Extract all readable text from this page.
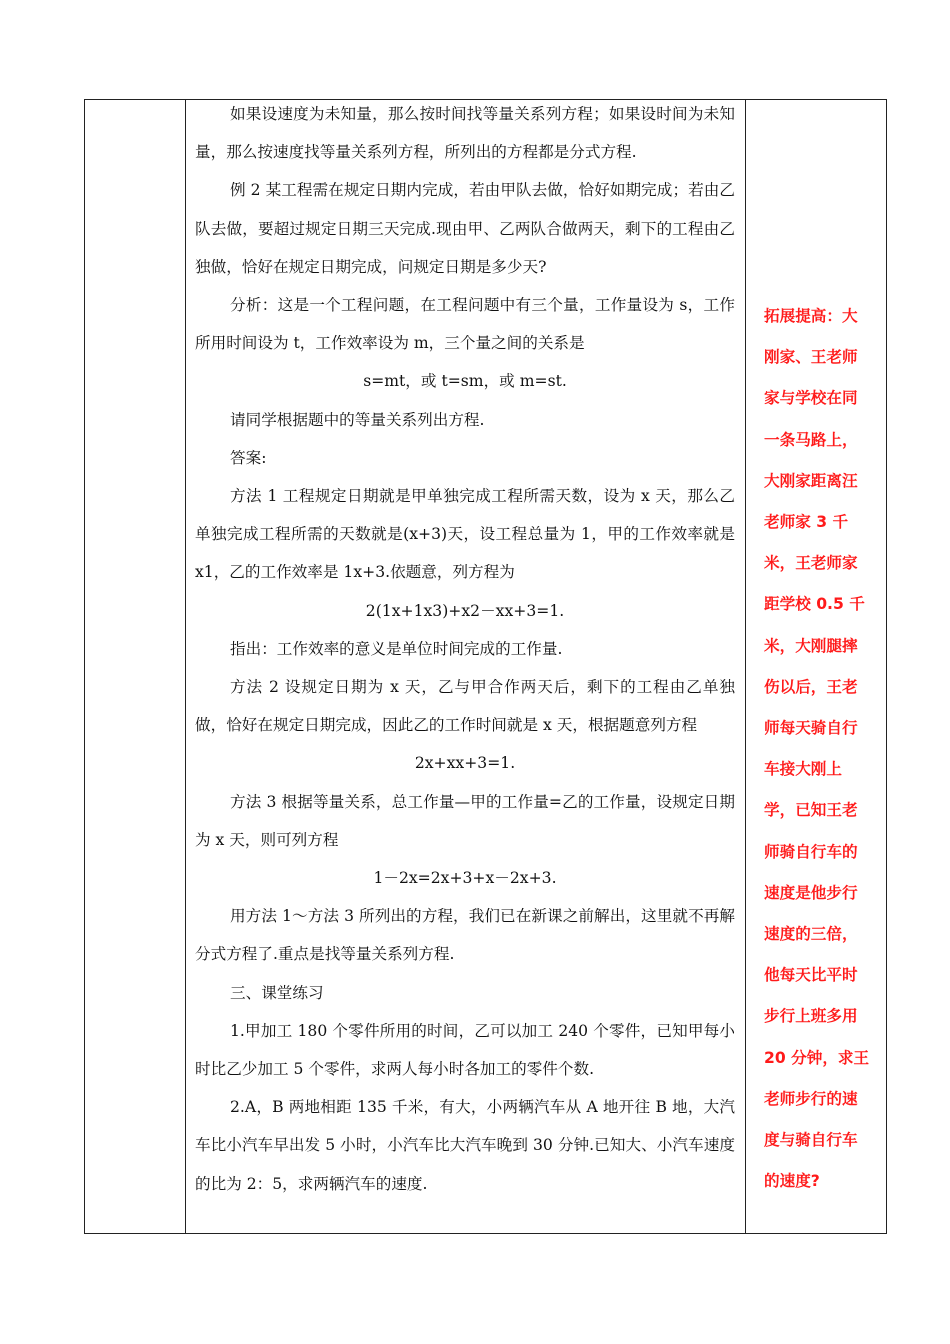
如果设速度为未知量，那么按时间找等量关系列方程；如果设时间为未知量，那么按速度找等量关系列方程，所列出的方程都是分式方程.

例 2 某工程需在规定日期内完成，若由甲队去做，恰好如期完成；若由乙队去做，要超过规定日期三天完成.现由甲、乙两队合做两天，剩下的工程由乙独做，恰好在规定日期完成，问规定日期是多少天?

分析：这是一个工程问题，在工程问题中有三个量，工作量设为 s，工作所用时间设为 t，工作效率设为 m，三个量之间的关系是

s=mt，或 t=sm，或 m=st.

请同学根据题中的等量关系列出方程.

答案:

方法 1 工程规定日期就是甲单独完成工程所需天数，设为 x 天，那么乙单独完成工程所需的天数就是(x+3)天，设工程总量为 1，甲的工作效率就是 x1，乙的工作效率是 1x+3.依题意，列方程为

2(1x+1x3)+x2－xx+3=1.

指出：工作效率的意义是单位时间完成的工作量.

方法 2 设规定日期为 x 天，乙与甲合作两天后，剩下的工程由乙单独做，恰好在规定日期完成，因此乙的工作时间就是 x 天，根据题意列方程

2x+xx+3=1.

方法 3 根据等量关系，总工作量—甲的工作量=乙的工作量，设规定日期为 x 天，则可列方程

1－2x=2x+3+x－2x+3.

用方法 1～方法 3 所列出的方程，我们已在新课之前解出，这里就不再解分式方程了.重点是找等量关系列方程.

三、课堂练习

1.甲加工 180 个零件所用的时间，乙可以加工 240 个零件，已知甲每小时比乙少加工 5 个零件，求两人每小时各加工的零件个数.

2.A，B 两地相距 135 千米，有大，小两辆汽车从 A 地开往 B 地，大汽车比小汽车早出发 5 小时，小汽车比大汽车晚到 30 分钟.已知大、小汽车速度的比为 2：5，求两辆汽车的速度.

拓展提高：大刚家、王老师家与学校在同一条马路上，大刚家距离汪老师家 3 千米，王老师家距学校 0.5 千米，大刚腿摔伤以后，王老师每天骑自行车接大刚上学，已知王老师骑自行车的速度是他步行速度的三倍，他每天比平时步行上班多用 20 分钟，求王老师步行的速度与骑自行车的速度?
